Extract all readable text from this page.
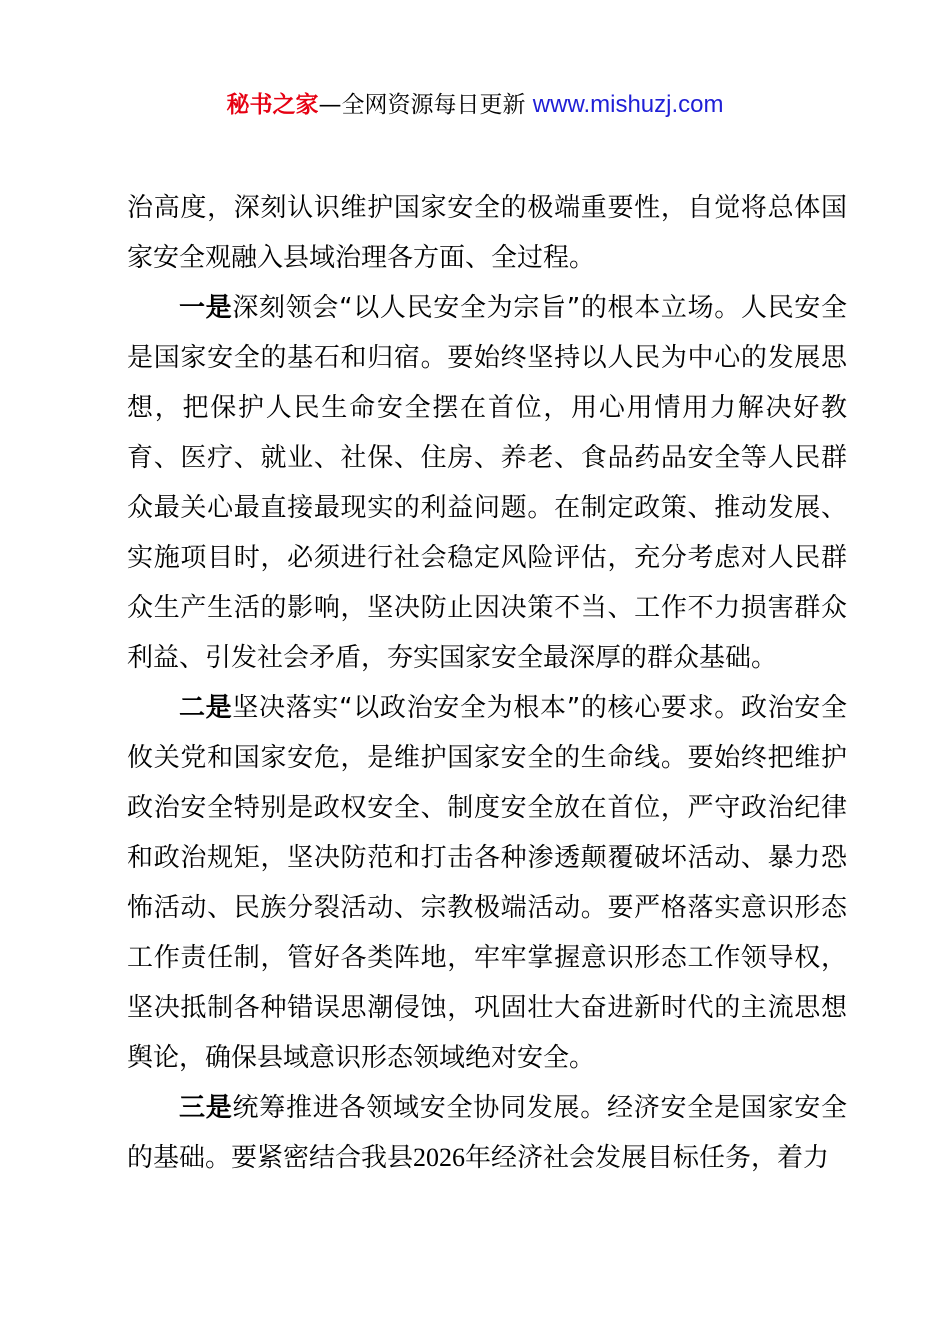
秘书之家—全网资源每日更新 www.mishuzj.com

治高度，深刻认识维护国家安全的极端重要性，自觉将总体国家安全观融入县域治理各方面、全过程。

一是深刻领会“以人民安全为宗旨”的根本立场。人民安全是国家安全的基石和归宿。要始终坚持以人民为中心的发展思想，把保护人民生命安全摆在首位，用心用情用力解决好教育、医疗、就业、社保、住房、养老、食品药品安全等人民群众最关心最直接最现实的利益问题。在制定政策、推动发展、实施项目时，必须进行社会稳定风险评估，充分考虑对人民群众生产生活的影响，坚决防止因决策不当、工作不力损害群众利益、引发社会矛盾，夯实国家安全最深厚的群众基础。

二是坚决落实“以政治安全为根本”的核心要求。政治安全攸关党和国家安危，是维护国家安全的生命线。要始终把维护政治安全特别是政权安全、制度安全放在首位，严守政治纪律和政治规矩，坚决防范和打击各种渗透颠覆破坏活动、暴力恐怖活动、民族分裂活动、宗教极端活动。要严格落实意识形态工作责任制，管好各类阵地，牢牢掌握意识形态工作领导权，坚决抵制各种错误思潮侵蚀，巩固壮大奋进新时代的主流思想舆论，确保县域意识形态领域绝对安全。

三是统筹推进各领域安全协同发展。经济安全是国家安全的基础。要紧密结合我县2026年经济社会发展目标任务，着力
